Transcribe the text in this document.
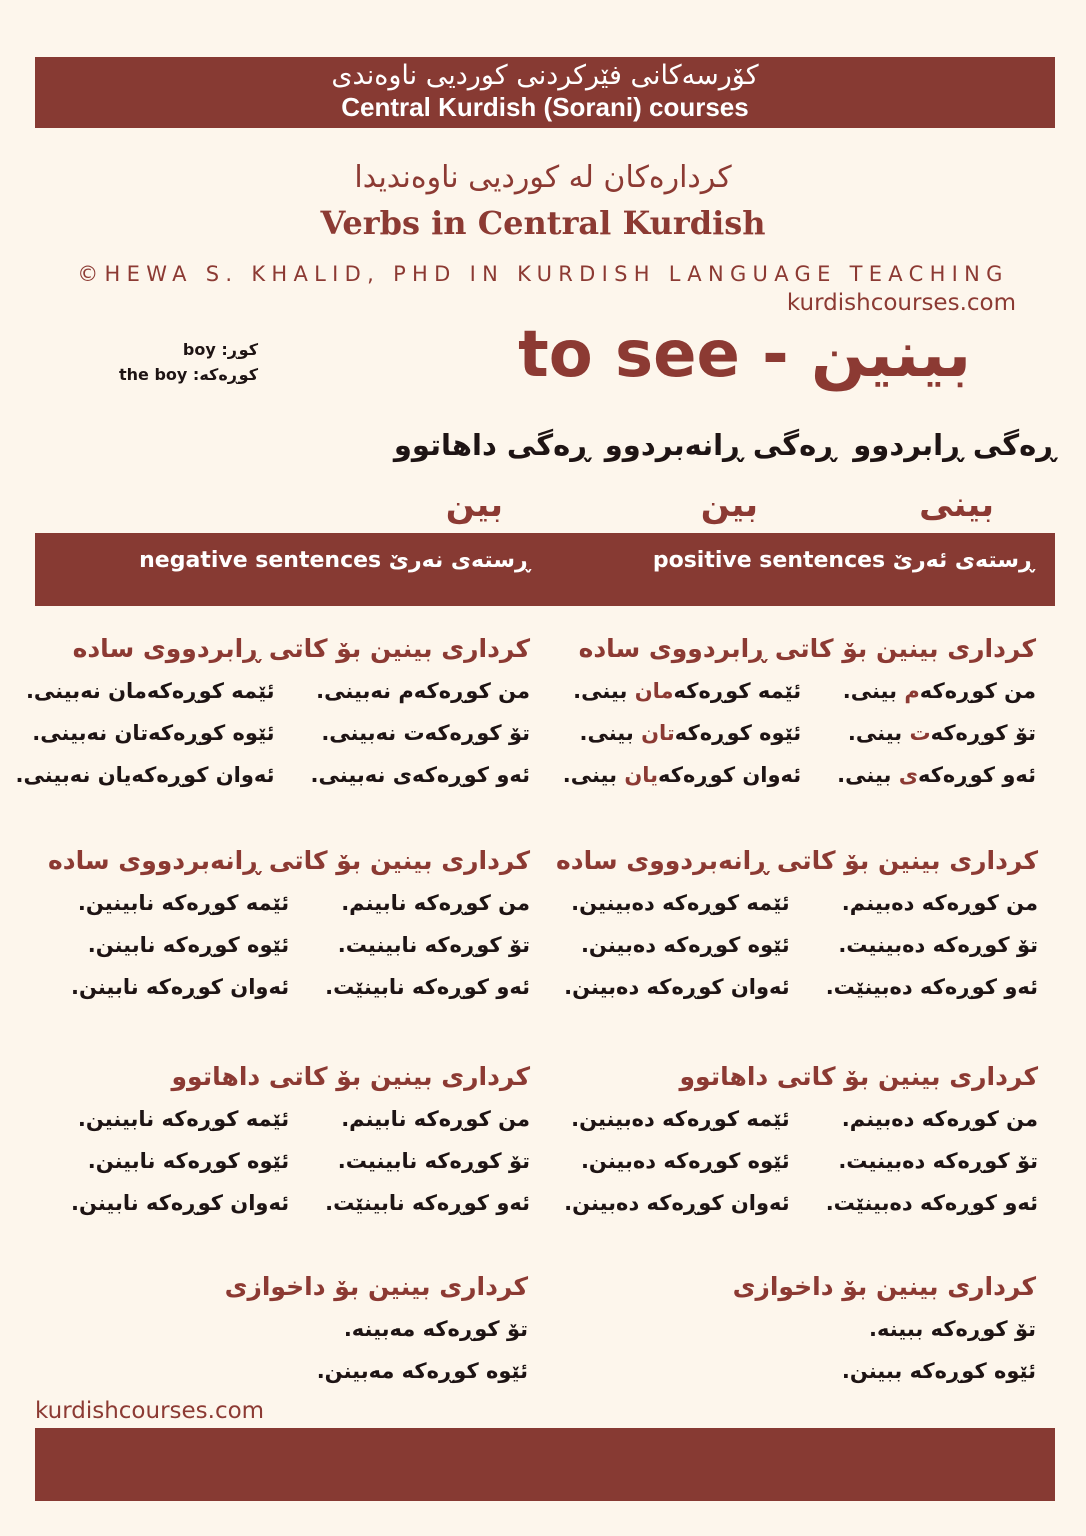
کۆرسەکانی فێرکردنی کوردیی ناوەندی
Central Kurdish (Sorani) courses
کردارەکان لە کوردیی ناوەندیدا
Verbs in Central Kurdish
©HEWA S. KHALID, PHD IN KURDISH LANGUAGE TEACHING
kurdishcourses.com
کوڕ: boy
کوڕەکە: the boy	to see - بینین
ڕەگی ڕابردوو
ڕەگی ڕانەبردوو
ڕەگی داهاتوو
بینی
بین
بین
ڕستەی ئەرێ positive sentences
ڕستەی نەرێ negative sentences
کرداری بینین بۆ کاتی ڕابردووی سادە
من کوڕەکەم بینی.
تۆ کوڕەکەت بینی.
ئەو کوڕەکەی بینی.
ئێمە کوڕەکەمان بینی.
ئێوە کوڕەکەتان بینی.
ئەوان کوڕەکەیان بینی.
کرداری بینین بۆ کاتی ڕابردووی سادە
من کوڕەکەم نەبینی.
تۆ کوڕەکەت نەبینی.
ئەو کوڕەکەی نەبینی.
ئێمە کوڕەکەمان نەبینی.
ئێوە کوڕەکەتان نەبینی.
ئەوان کوڕەکەیان نەبینی.
کرداری بینین بۆ کاتی ڕانەبردووی سادە
من کوڕەکە دەبینم.
تۆ کوڕەکە دەبینیت.
ئەو کوڕەکە دەبینێت.
ئێمە کوڕەکە دەبینین.
ئێوە کوڕەکە دەبینن.
ئەوان کوڕەکە دەبینن.
کرداری بینین بۆ کاتی ڕانەبردووی سادە
من کوڕەکە نابینم.
تۆ کوڕەکە نابینیت.
ئەو کوڕەکە نابینێت.
ئێمە کوڕەکە نابینین.
ئێوە کوڕەکە نابینن.
ئەوان کوڕەکە نابینن.
کرداری بینین بۆ کاتی داهاتوو
من کوڕەکە دەبینم.
تۆ کوڕەکە دەبینیت.
ئەو کوڕەکە دەبینێت.
ئێمە کوڕەکە دەبینین.
ئێوە کوڕەکە دەبینن.
ئەوان کوڕەکە دەبینن.
کرداری بینین بۆ کاتی داهاتوو
من کوڕەکە نابینم.
تۆ کوڕەکە نابینیت.
ئەو کوڕەکە نابینێت.
ئێمە کوڕەکە نابینین.
ئێوە کوڕەکە نابینن.
ئەوان کوڕەکە نابینن.
کرداری بینین بۆ داخوازی
تۆ کوڕەکە ببینە.
ئێوە کوڕەکە ببینن.
کرداری بینین بۆ داخوازی
تۆ کوڕەکە مەبینە.
ئێوە کوڕەکە مەبینن.
kurdishcourses.com
